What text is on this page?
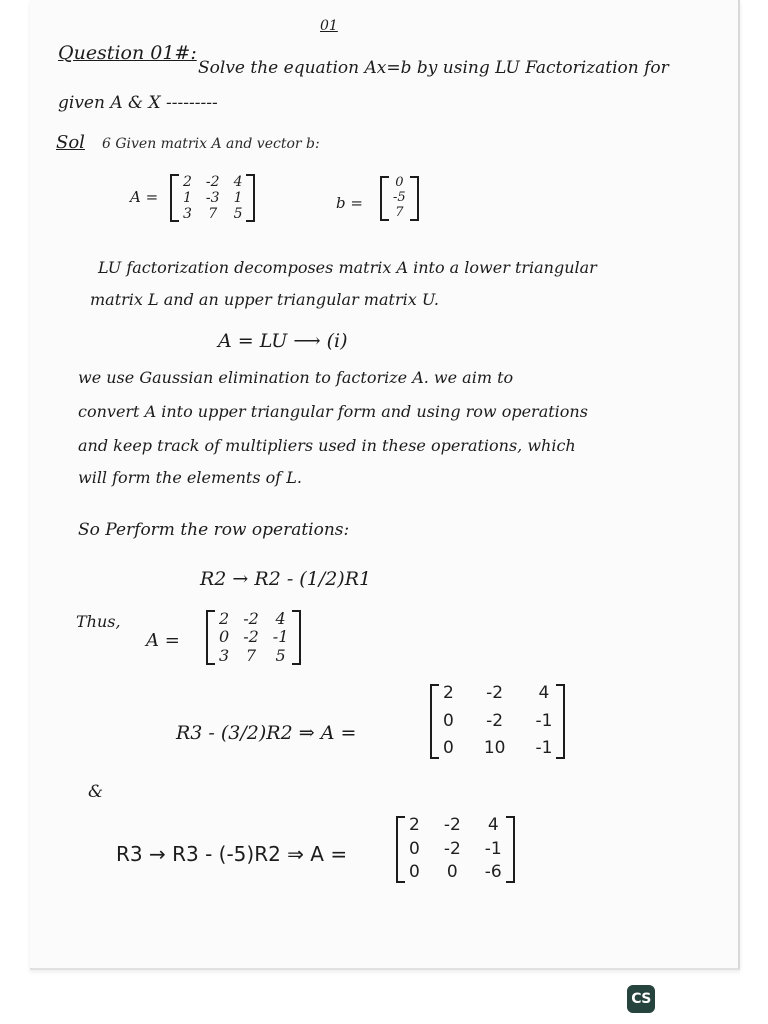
01
Question 01#:
Solve the equation Ax=b by using LU Factorization for
given A & X ---------
Sol 6 Given matrix A and vector b:
A =
2 -2 4
1 -3 1
3 7 5
b =
0
-5
7
LU factorization decomposes matrix A into a lower triangular
matrix L and an upper triangular matrix U.
A = LU ⟶ (i)
we use Gaussian elimination to factorize A. we aim to
convert A into upper triangular form and using row operations
and keep track of multipliers used in these operations, which
will form the elements of L.
So Perform the row operations:
R2 → R2 - (1/2)R1
Thus,
A =
2 -2 4
0 -2 -1
3 7 5
R3 - (3/2)R2 ⇒ A =
2 -2 4
0 -2 -1
0 10 -1
&
R3 → R3 - (-5)R2 ⇒ A =
2 -2 4
0 -2 -1
0 0 -6
CS
